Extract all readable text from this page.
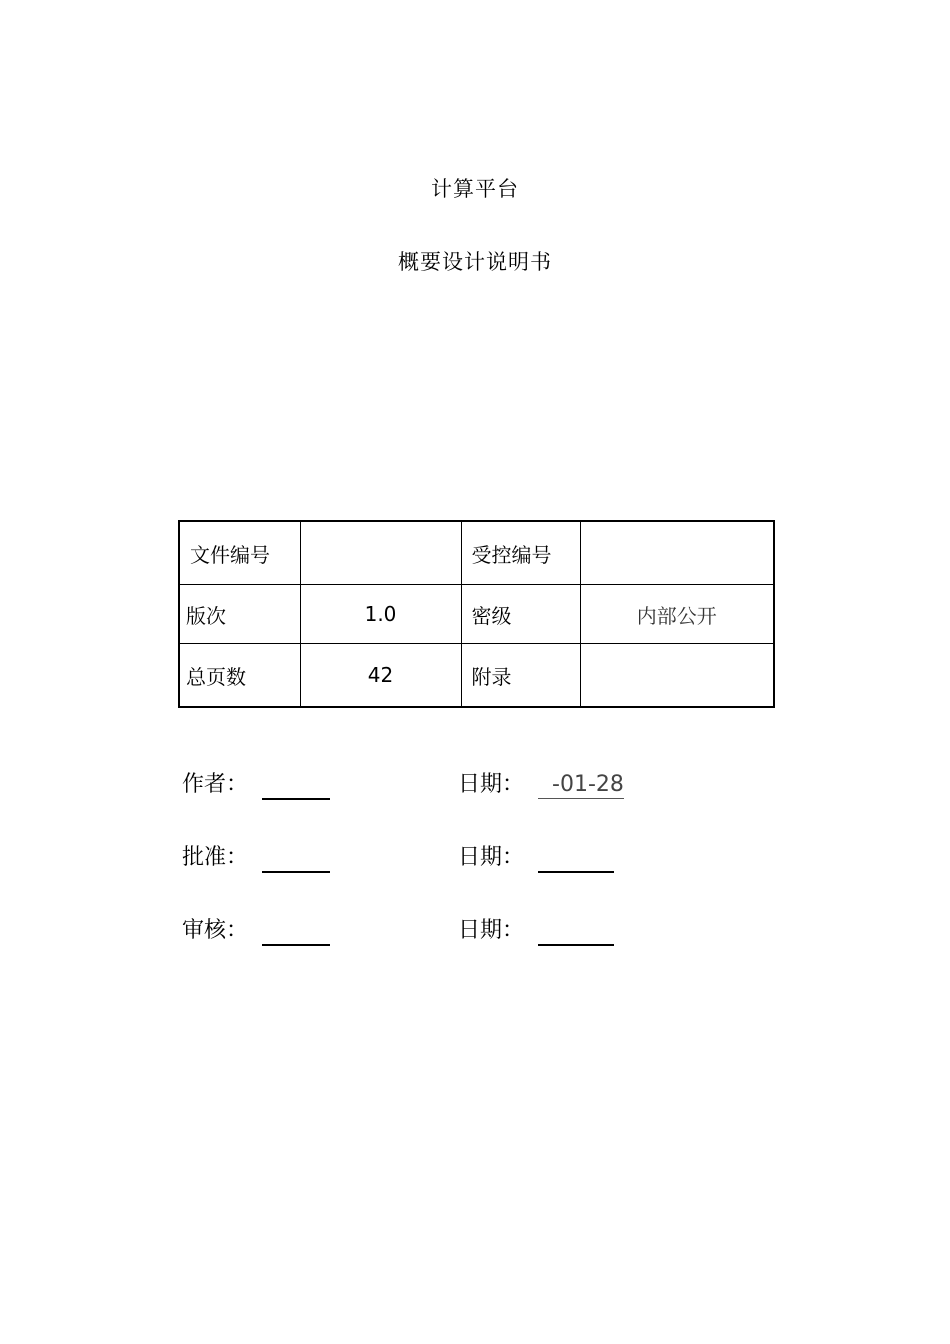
计算平台
概要设计说明书
文件编号		受控编号	
版次	1.0	密级	内部公开
总页数	42	附录	
作者：	日期： -01-28
批准：	日期：
审核：	日期：
